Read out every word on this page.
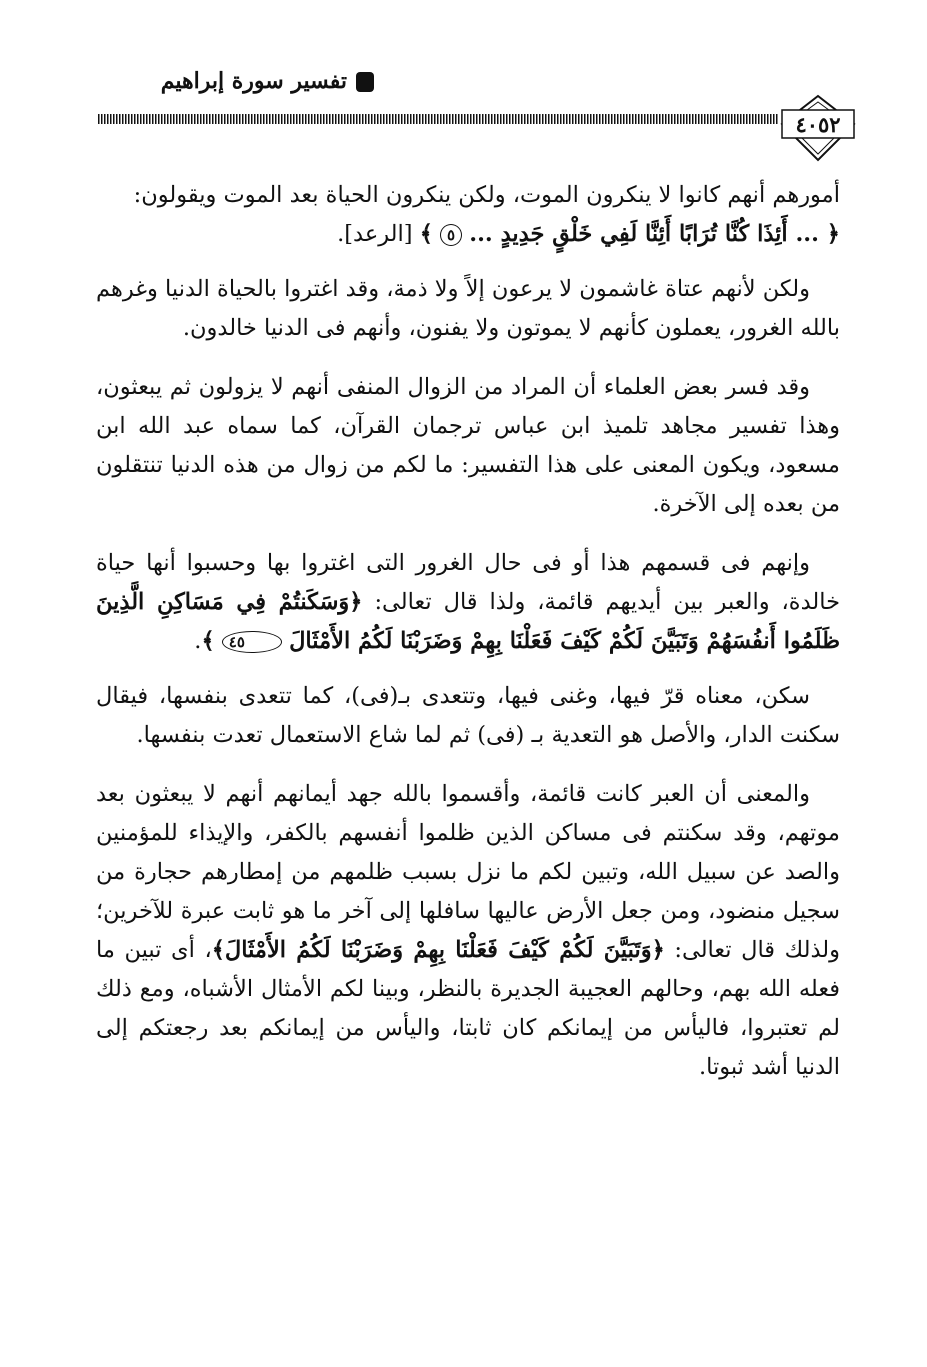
تفسير سورة إبراهيم
٤٠٥٢

أمورهم أنهم كانوا لا ينكرون الموت، ولكن ينكرون الحياة بعد الموت ويقولون:
﴿ ... أَئِذَا كُنَّا تُرَابًا أَئِنَّا لَفِي خَلْقٍ جَدِيدٍ ... ٥ ﴾ [الرعد].

ولكن لأنهم عتاة غاشمون لا يرعون إلاً ولا ذمة، وقد اغتروا بالحياة الدنيا وغرهم بالله الغرور، يعملون كأنهم لا يموتون ولا يفنون، وأنهم فى الدنيا خالدون.

وقد فسر بعض العلماء أن المراد من الزوال المنفى أنهم لا يزولون ثم يبعثون، وهذا تفسير مجاهد تلميذ ابن عباس ترجمان القرآن، كما سماه عبد الله ابن مسعود، ويكون المعنى على هذا التفسير: ما لكم من زوال من هذه الدنيا تنتقلون من بعده إلى الآخرة.

وإنهم فى قسمهم هذا أو فى حال الغرور التى اغتروا بها وحسبوا أنها حياة خالدة، والعبر بين أيديهم قائمة، ولذا قال تعالى: ﴿وَسَكَنتُمْ فِي مَسَاكِنِ الَّذِينَ ظَلَمُوا أَنفُسَهُمْ وَتَبَيَّنَ لَكُمْ كَيْفَ فَعَلْنَا بِهِمْ وَضَرَبْنَا لَكُمُ الأَمْثَالَ ٤٥ ﴾.

سكن، معناه قرّ فيها، وغنى فيها، وتتعدى بـ(فى)، كما تتعدى بنفسها، فيقال سكنت الدار، والأصل هو التعدية بـ (فى) ثم لما شاع الاستعمال تعدت بنفسها.

والمعنى أن العبر كانت قائمة، وأقسموا بالله جهد أيمانهم أنهم لا يبعثون بعد موتهم، وقد سكنتم فى مساكن الذين ظلموا أنفسهم بالكفر، والإيذاء للمؤمنين والصد عن سبيل الله، وتبين لكم ما نزل بسبب ظلمهم من إمطارهم حجارة من سجيل منضود، ومن جعل الأرض عاليها سافلها إلى آخر ما هو ثابت عبرة للآخرين؛ ولذلك قال تعالى: ﴿وَتَبَيَّنَ لَكُمْ كَيْفَ فَعَلْنَا بِهِمْ وَضَرَبْنَا لَكُمُ الأَمْثَالَ﴾، أى تبين ما فعله الله بهم، وحالهم العجيبة الجديرة بالنظر، وبينا لكم الأمثال الأشباه، ومع ذلك لم تعتبروا، فاليأس من إيمانكم كان ثابتا، واليأس من إيمانكم بعد رجعتكم إلى الدنيا أشد ثبوتا.
